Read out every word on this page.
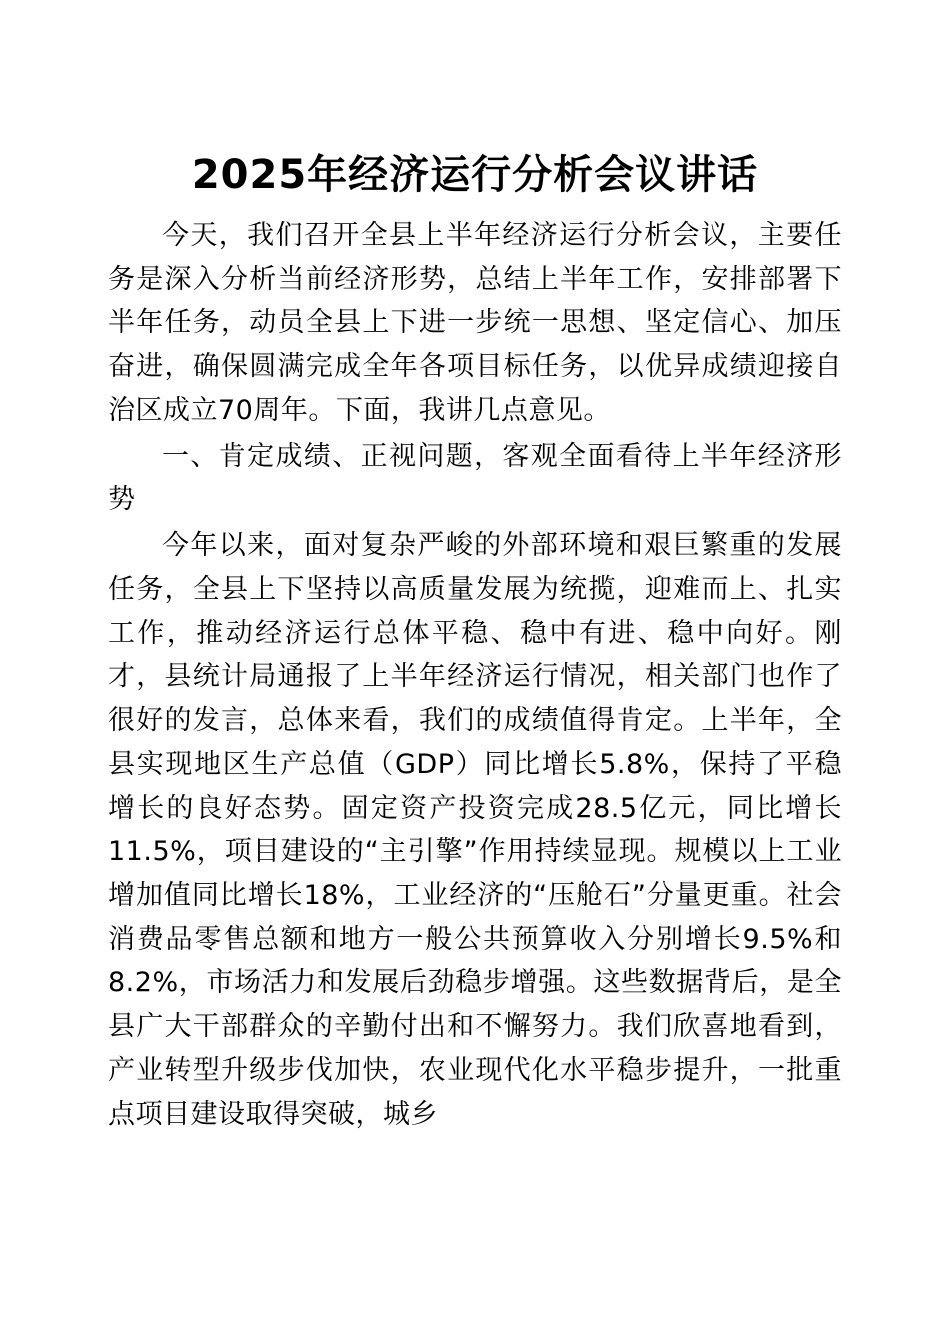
2025年经济运行分析会议讲话

今天，我们召开全县上半年经济运行分析会议，主要任务是深入分析当前经济形势，总结上半年工作，安排部署下半年任务，动员全县上下进一步统一思想、坚定信心、加压奋进，确保圆满完成全年各项目标任务，以优异成绩迎接自治区成立70周年。下面，我讲几点意见。

一、肯定成绩、正视问题，客观全面看待上半年经济形势

今年以来，面对复杂严峻的外部环境和艰巨繁重的发展任务，全县上下坚持以高质量发展为统揽，迎难而上、扎实工作，推动经济运行总体平稳、稳中有进、稳中向好。刚才，县统计局通报了上半年经济运行情况，相关部门也作了很好的发言，总体来看，我们的成绩值得肯定。上半年，全县实现地区生产总值（GDP）同比增长5.8%，保持了平稳增长的良好态势。固定资产投资完成28.5亿元，同比增长11.5%，项目建设的“主引擎”作用持续显现。规模以上工业增加值同比增长18%，工业经济的“压舱石”分量更重。社会消费品零售总额和地方一般公共预算收入分别增长9.5%和8.2%，市场活力和发展后劲稳步增强。这些数据背后，是全县广大干部群众的辛勤付出和不懈努力。我们欣喜地看到，产业转型升级步伐加快，农业现代化水平稳步提升，一批重点项目建设取得突破，城乡
